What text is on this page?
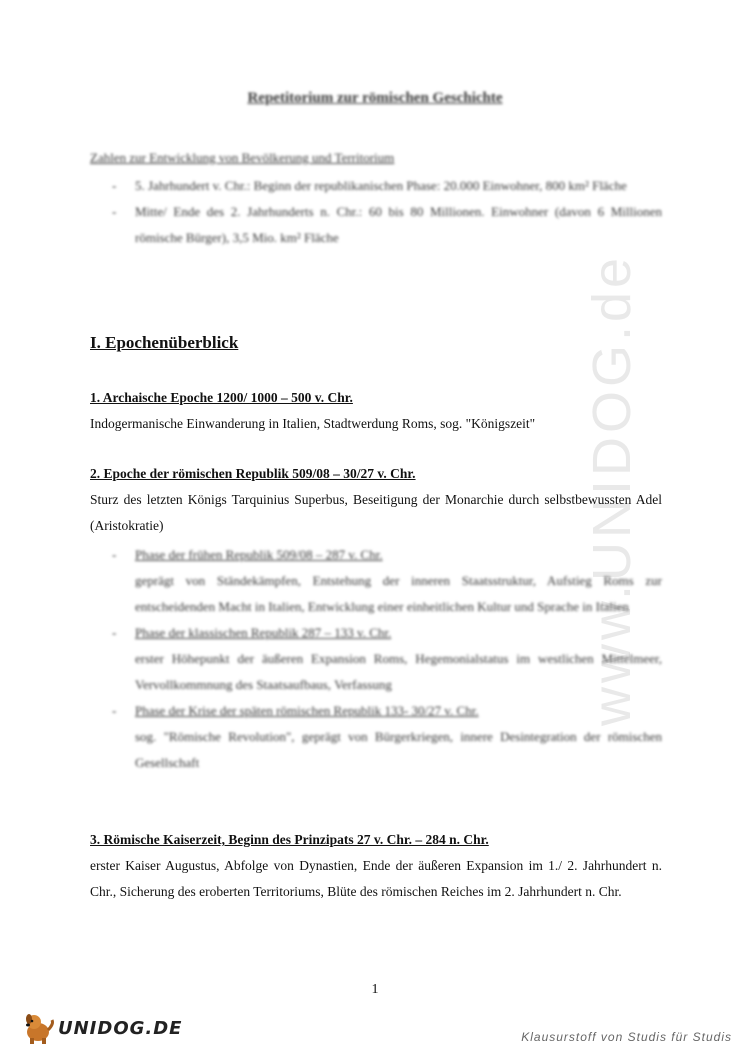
www.UNIDOG.de
Repetitorium zur römischen Geschichte
Zahlen zur Entwicklung von Bevölkerung und Territorium
- 5. Jahrhundert v. Chr.: Beginn der republikanischen Phase: 20.000 Einwohner, 800 km² Fläche
- Mitte/ Ende des 2. Jahrhunderts n. Chr.: 60 bis 80 Millionen. Einwohner (davon 6 Millionen römische Bürger), 3,5 Mio. km² Fläche
I. Epochenüberblick
1. Archaische Epoche 1200/ 1000 – 500 v. Chr.

Indogermanische Einwanderung in Italien, Stadtwerdung Roms, sog. "Königszeit"

2. Epoche der römischen Republik 509/08 – 30/27 v. Chr.

Sturz des letzten Königs Tarquinius Superbus, Beseitigung der Monarchie durch selbstbewussten Adel (Aristokratie)

- Phase der frühen Republik 509/08 – 287 v. Chr.
geprägt von Ständekämpfen, Entstehung der inneren Staatsstruktur, Aufstieg Roms zur entscheidenden Macht in Italien, Entwicklung einer einheitlichen Kultur und Sprache in Italien
- Phase der klassischen Republik 287 – 133 v. Chr.
erster Höhepunkt der äußeren Expansion Roms, Hegemonialstatus im westlichen Mittelmeer, Vervollkommnung des Staatsaufbaus, Verfassung
- Phase der Krise der späten römischen Republik 133- 30/27 v. Chr.
sog. "Römische Revolution", geprägt von Bürgerkriegen, innere Desintegration der römischen Gesellschaft
3. Römische Kaiserzeit, Beginn des Prinzipats 27 v. Chr. – 284 n. Chr.

erster Kaiser Augustus, Abfolge von Dynastien, Ende der äußeren Expansion im 1./ 2. Jahrhundert n. Chr., Sicherung des eroberten Territoriums, Blüte des römischen Reiches im 2. Jahrhundert n. Chr.

1
UNIDOG.DE	Klausurstoff von Studis für Studis
